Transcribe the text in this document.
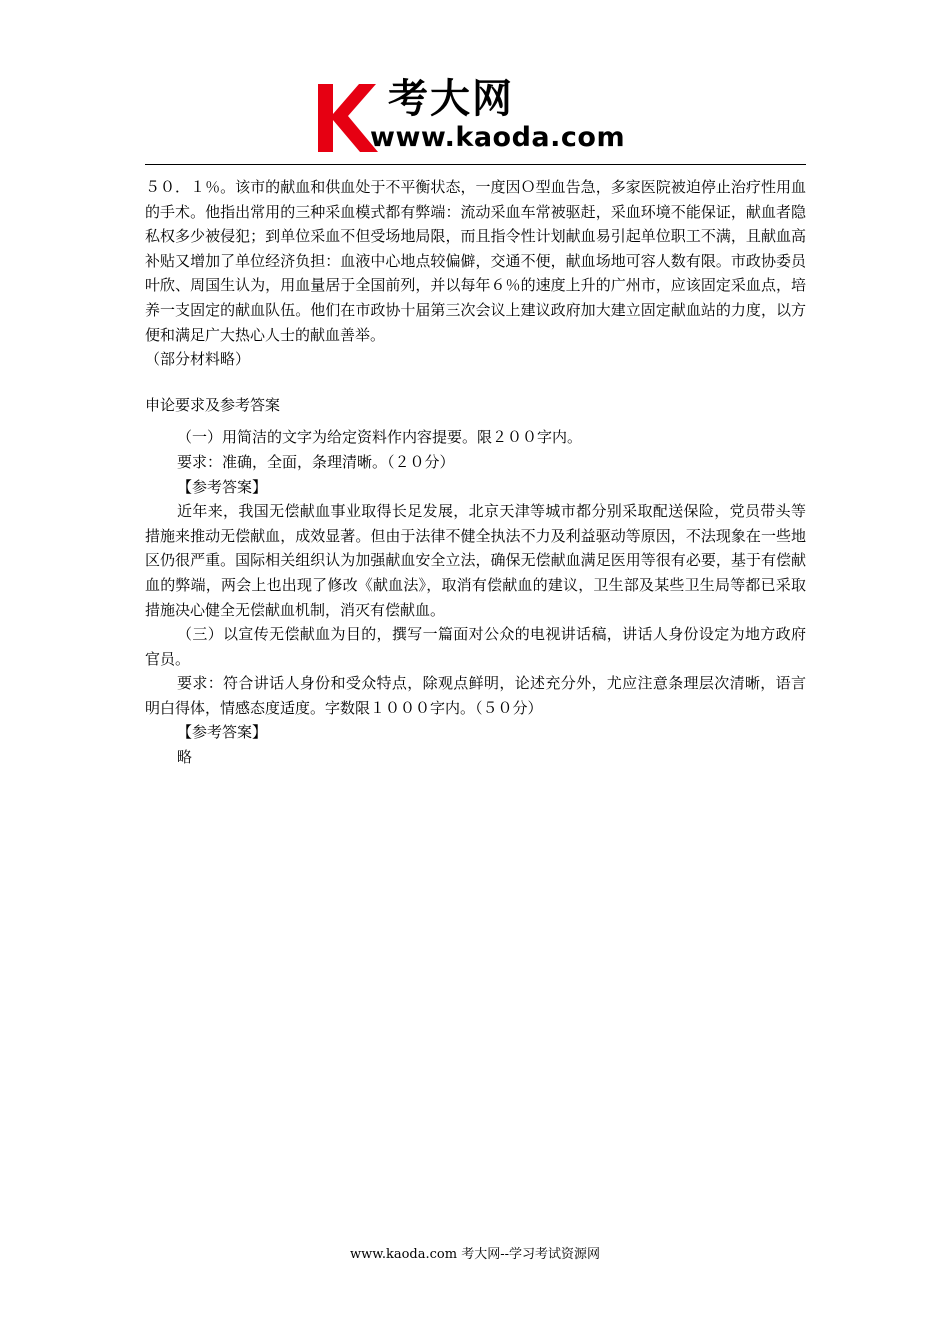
考大网
www.kaoda.com

５０．１％。该市的献血和供血处于不平衡状态，一度因Ｏ型血告急，多家医院被迫停止治疗性用血的手术。他指出常用的三种采血模式都有弊端：流动采血车常被驱赶，采血环境不能保证，献血者隐私权多少被侵犯；到单位采血不但受场地局限，而且指令性计划献血易引起单位职工不满，且献血高补贴又增加了单位经济负担：血液中心地点较偏僻，交通不便，献血场地可容人数有限。市政协委员叶欣、周国生认为，用血量居于全国前列，并以每年６％的速度上升的广州市，应该固定采血点，培养一支固定的献血队伍。他们在市政协十届第三次会议上建议政府加大建立固定献血站的力度，以方便和满足广大热心人士的献血善举。

（部分材料略）

申论要求及参考答案

（一）用简洁的文字为给定资料作内容提要。限２００字内。

要求：准确，全面，条理清晰。（２０分）

【参考答案】

近年来，我国无偿献血事业取得长足发展，北京天津等城市都分别采取配送保险，党员带头等措施来推动无偿献血，成效显著。但由于法律不健全执法不力及利益驱动等原因，不法现象在一些地区仍很严重。国际相关组织认为加强献血安全立法，确保无偿献血满足医用等很有必要，基于有偿献血的弊端，两会上也出现了修改《献血法》，取消有偿献血的建议，卫生部及某些卫生局等都已采取措施决心健全无偿献血机制，消灭有偿献血。

（三）以宣传无偿献血为目的，撰写一篇面对公众的电视讲话稿，讲话人身份设定为地方政府官员。

要求：符合讲话人身份和受众特点，除观点鲜明，论述充分外，尤应注意条理层次清晰，语言明白得体，情感态度适度。字数限１０００字内。（５０分）

【参考答案】

略

www.kaoda.com 考大网--学习考试资源网
